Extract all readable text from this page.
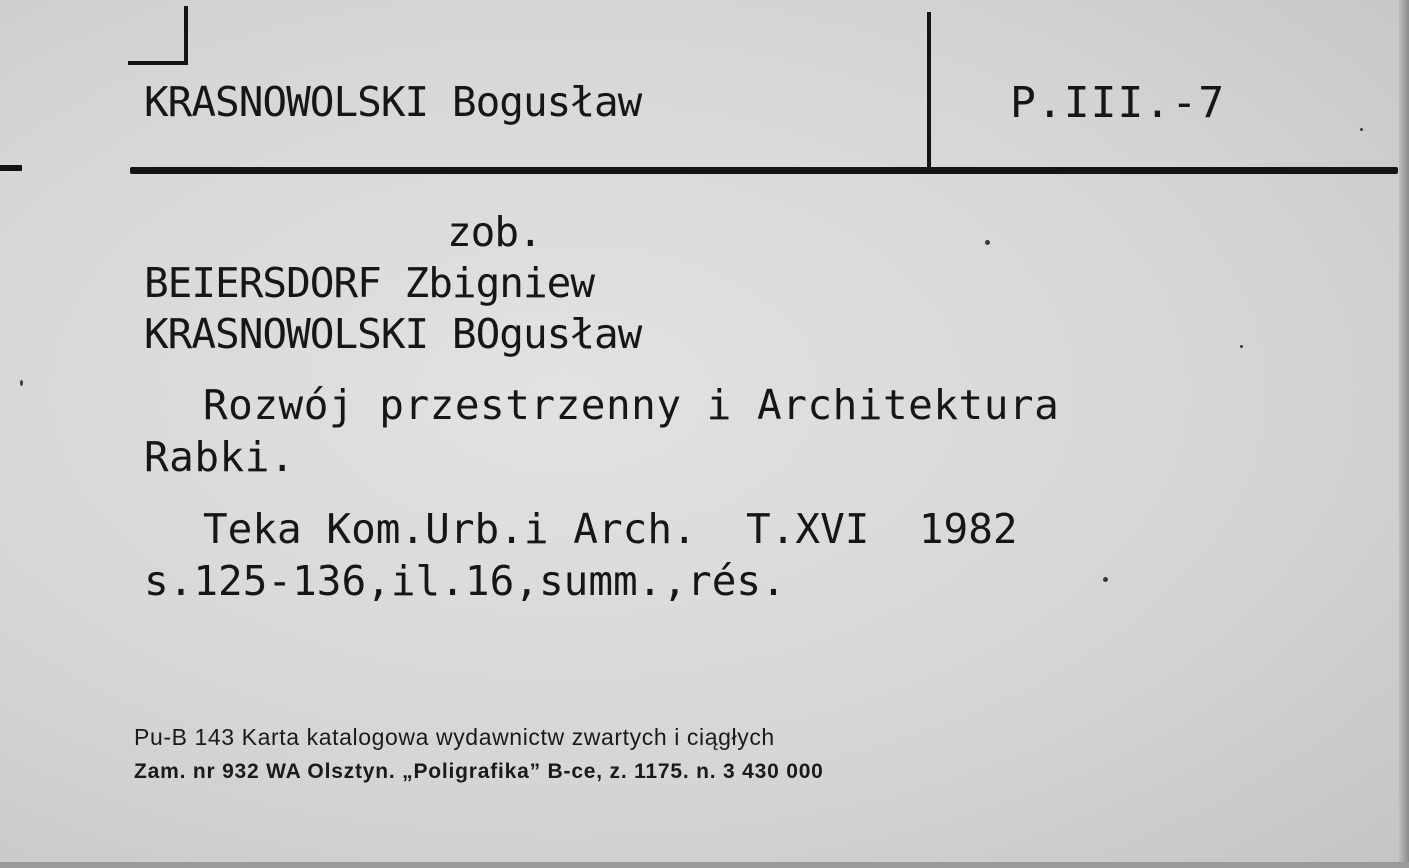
KRASNOWOLSKI Bogusław	P.III.-7
zob.
BEIERSDORF Zbigniew
KRASNOWOLSKI BOgusław
Rozwój przestrzenny i Architektura
Rabki.
Teka Kom.Urb.i Arch.  T.XVI  1982
s.125-136,il.16,summ.,rés.
Pu-B 143 Karta katalogowa wydawnictw zwartych i ciągłych
Zam. nr 932 WA Olsztyn. „Poligrafika” B-ce, z. 1175. n. 3 430 000
